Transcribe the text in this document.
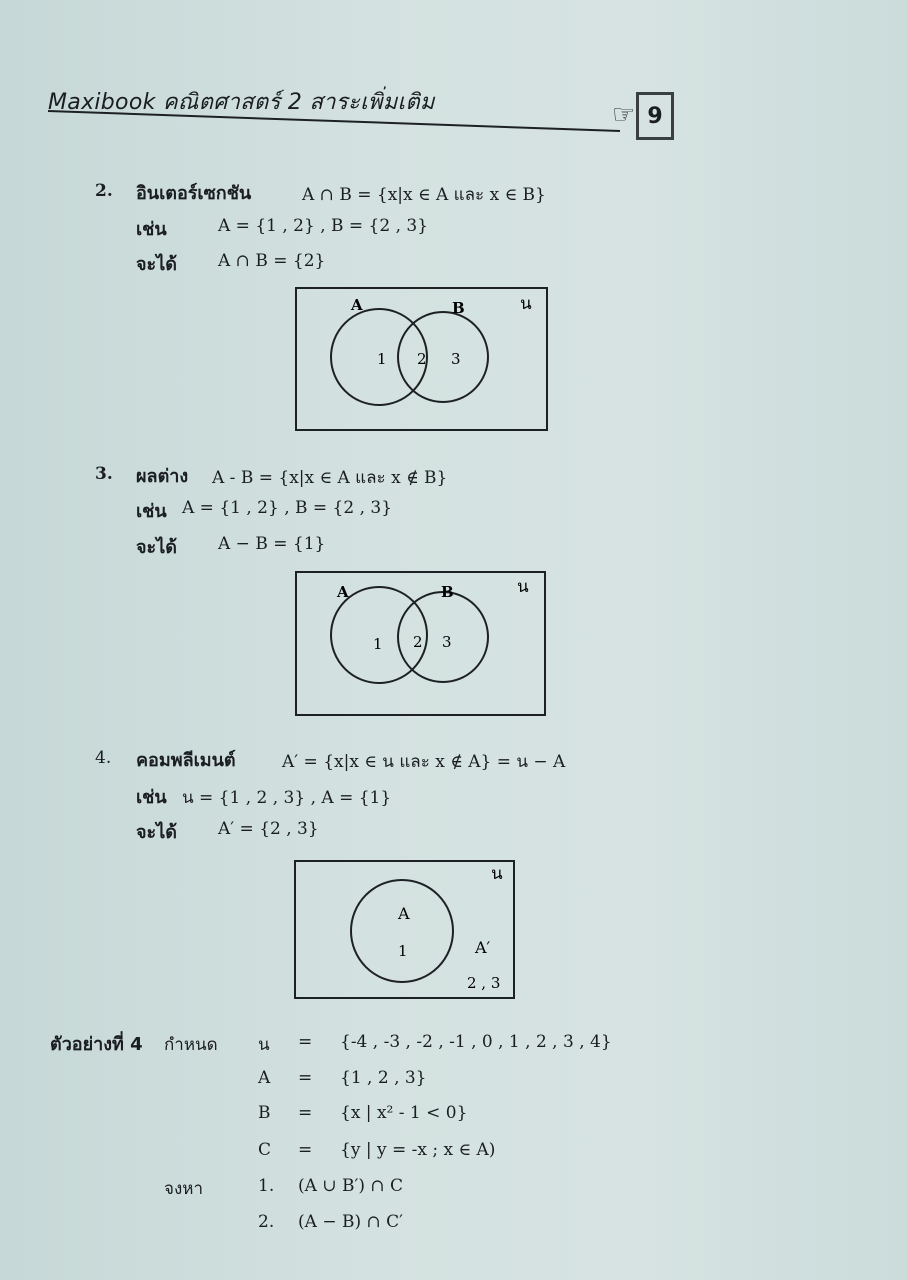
Maxibook คณิตศาสตร์ 2 สาระเพิ่มเติม	☞ 9
2. อินเตอร์เซกชัน	A ∩ B = {x|x ∈ A และ x ∈ B}
เช่น	A = {1 , 2} , B = {2 , 3}
จะได้ A ∩ B = {2}
A	B	น
1 2 3
3. ผลต่าง A - B = {x|x ∈ A และ x ∉ B}
เช่น A = {1 , 2} , B = {2 , 3}
จะได้ A − B = {1}
A	B	น
1 2 3
4. คอมพลีเมนต์	A′ = {x|x ∈ น และ x ∉ A} = น − A
เช่น น = {1 , 2 , 3} , A = {1}
จะได้ A′ = {2 , 3}
น
A
1	A′
2 , 3
ตัวอย่างที่ 4 กำหนด น = {-4 , -3 , -2 , -1 , 0 , 1 , 2 , 3 , 4}
A = {1 , 2 , 3}
B = {x | x² - 1 < 0}
C = {y | y = -x ; x ∈ A)
จงหา	1. (A ∪ B′) ∩ C
2. (A − B) ∩ C′
